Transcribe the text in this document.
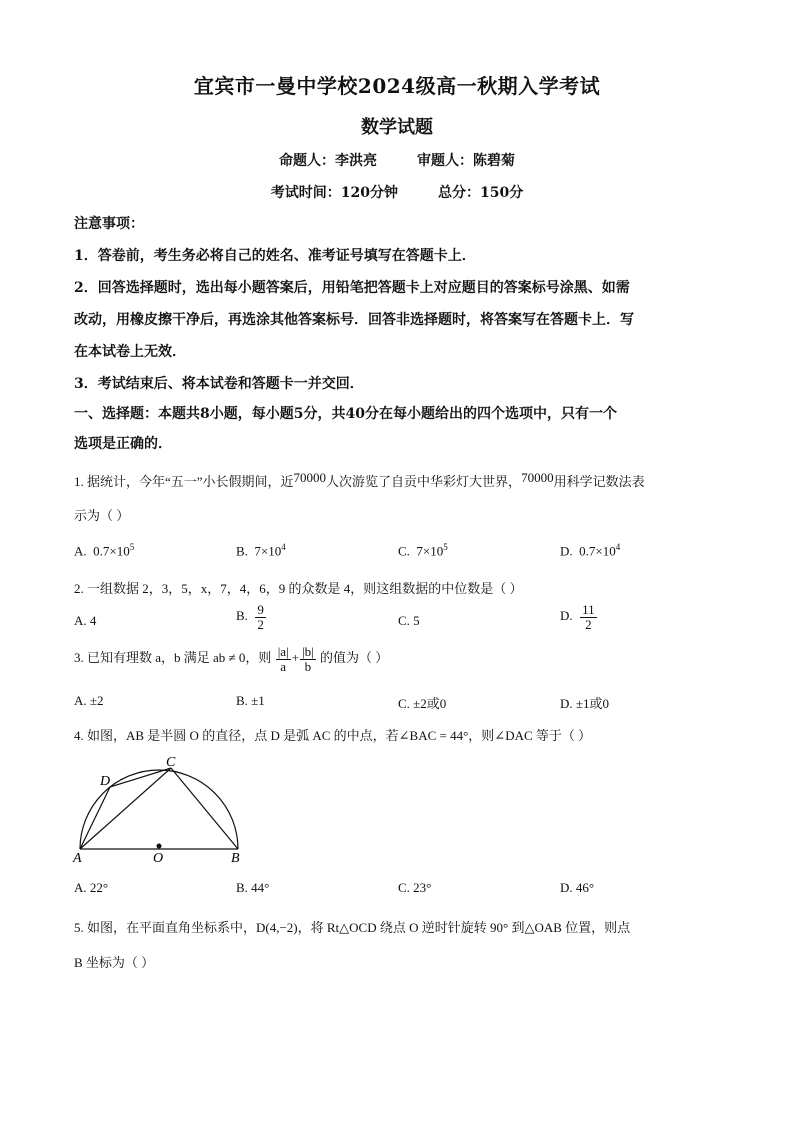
宜宾市一曼中学校2024级高一秋期入学考试
数学试题
命题人：李洪亮	审题人：陈碧菊
考试时间：120分钟	总分：150分
注意事项：
1．答卷前，考生务必将自己的姓名、准考证号填写在答题卡上．
2．回答选择题时，选出每小题答案后，用铅笔把答题卡上对应题目的答案标号涂黑、如需
改动，用橡皮擦干净后，再选涂其他答案标号．回答非选择题时，将答案写在答题卡上．写
在本试卷上无效．
3．考试结束后、将本试卷和答题卡一并交回．
一、选择题：本题共8小题，每小题5分，共40分在每小题给出的四个选项中，只有一个
选项是正确的．
1. 据统计，今年“五一”小长假期间，近$^{70000}$人次游览了自贡中华彩灯大世界，$^{70000}$用科学记数法表
示为（ ）
A. $0.7\times 10^5$	B. $7\times 10^4$	C. $7\times 10^5$	D. $0.7\times 10^4$
2. 一组数据 2，3，5，x，7，4，6，9 的众数是 4，则这组数据的中位数是（ ）
A. 4	B. $\frac{9}{2}$	C. 5	D. $\frac{11}{2}$
3. 已知有理数 a，b 满足 ab ≠ 0，则 $\frac{|a|}{a} + \frac{|b|}{b}$ 的值为（ ）
A. ±2	B. ±1	C. ±2或0	D. ±1或0
4. 如图，AB 是半圆 O 的直径，点 D 是弧 AC 的中点，若∠BAC = 44°，则∠DAC 等于（ ）
A	B
C
D
O
A. 22°	B. 44°	C. 23°	D. 46°
5. 如图，在平面直角坐标系中，D(4,−2)，将 Rt△OCD 绕点 O 逆时针旋转 90° 到△OAB 位置，则点
B 坐标为（ ）
